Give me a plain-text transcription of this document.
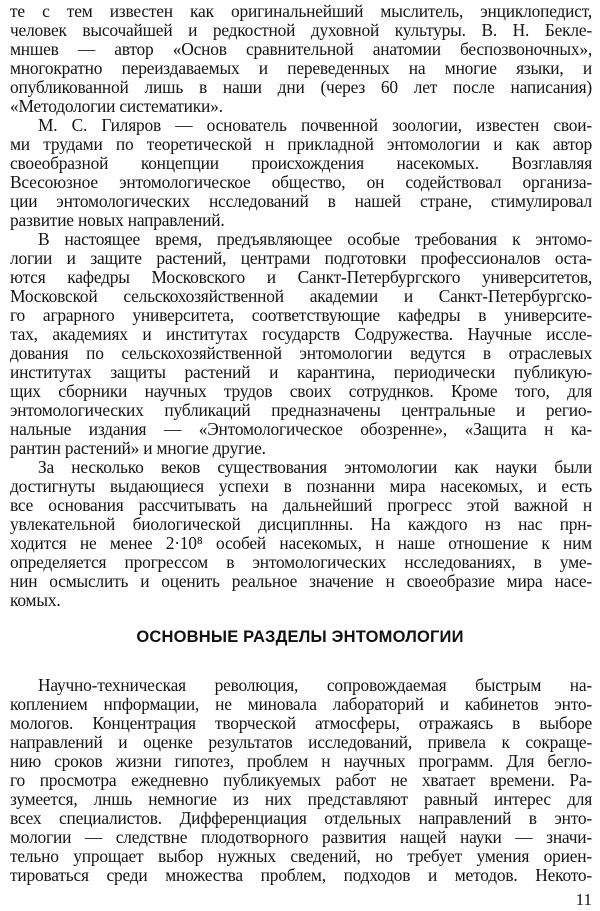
те с тем известен как оригинальнейший мыслитель, энциклопедист,
человек высочайшей и редкостной духовной культуры. В. Н. Бекле-
мншев — автор «Основ сравнительной анатомии беспозвоночных»,
многократно переиздаваемых и переведенных на многие языки, и
опубликованной лишь в наши дни (через 60 лет после написания)
«Методологии систематики».
М. С. Гиляров — основатель почвенной зоологии, известен свои-
ми трудами по теоретической н прикладной энтомологии и как автор
своеобразной концепции происхождения насекомых. Возглавляя
Всесоюзное энтомологическое общество, он содействовал организа-
ции энтомологических нсследований в нашей стране, стимулировал
развитие новых направлений.
В настоящее время, предъявляющее особые требования к энтомо-
логии и защите растений, центрами подготовки профессионалов оста-
ются кафедры Московского и Санкт-Петербургского университетов,
Московской сельскохозяйственной академии и Санкт-Петербургско-
го аграрного университета, соответствующие кафедры в университе-
тах, академиях и институтах государств Содружества. Научные иссле-
дования по сельскохозяйственной энтомологии ведутся в отраслевых
институтах защиты растений и карантина, периодически публикую-
щих сборники научных трудов своих сотруднков. Кроме того, для
энтомологических публикаций предназначены центральные и регио-
нальные издания — «Энтомологическое обозренне», «Защита н ка-
рантин растений» и многие другие.
За несколько веков существования энтомологии как науки были
достигнуты выдающиеся успехи в познанни мира насекомых, и есть
все основания рассчитывать на дальнейший прогресс этой важной н
увлекательной биологической дисциплнны. На каждого нз нас прн-
ходится не менее 2·10⁸ особей насекомых, н наше отношение к ним
определяется прогрессом в энтомологических нсследованиях, в уме-
нин осмыслить и оценить реальное значение н своеобразие мира насе-
комых.
ОСНОВНЫЕ РАЗДЕЛЫ ЭНТОМОЛОГИИ
Научно-техническая революция, сопровождаемая быстрым на-
коплением нпформации, не миновала лабораторий и кабинетов энто-
мологов. Концентрация творческой атмосферы, отражаясь в выборе
направлений и оценке результатов исследований, привела к сокраще-
нию сроков жизни гипотез, проблем н научных программ. Для бегло-
го просмотра ежедневно публикуемых работ не хватает времени. Ра-
зумеется, лншь немногие из них представляют равный интерес для
всех специалистов. Дифференциация отдельных направлений в энто-
мологии — следствне плодотворного развития нащей науки — значи-
тельно упрощает выбор нужных сведений, но требует умения ориен-
тироваться среди множества проблем, подходов и методов. Некото-
11
